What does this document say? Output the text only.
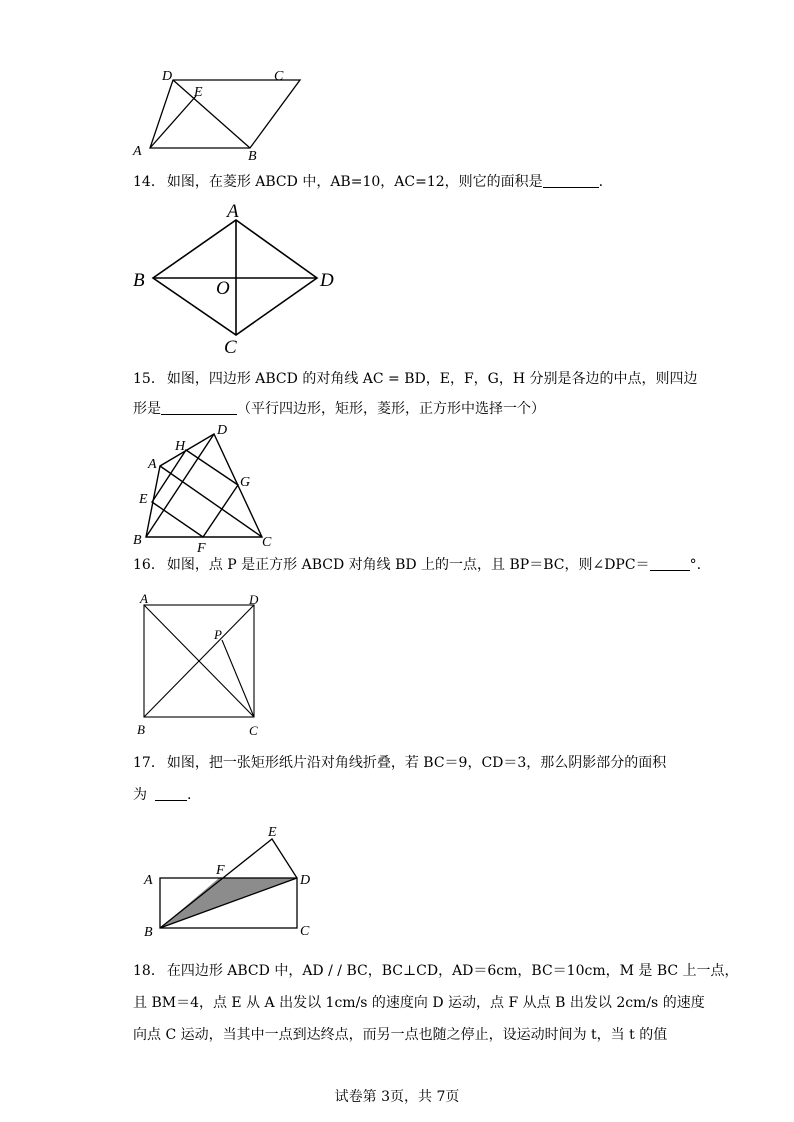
A	B
C
D
E

14． 如图，在菱形 ABCD 中，AB=10，AC=12，则它的面积是	.

A
B
C
D
O

15． 如图，四边形 ABCD 的对角线 AC = BD，E，F，G，H 分别是各边的中点，则四边

形是	（平行四边形，矩形，菱形，正方形中选择一个）

A
B	C
D
E
F
G
H

16． 如图，点 P 是正方形 ABCD 对角线 BD 上的一点，且 BP＝BC，则∠DPC＝	°.

A
B	C
D
P

17． 如图，把一张矩形纸片沿对角线折叠，若 BC＝9，CD＝3，那么阴影部分的面积

为	.

A
B	C
D
E
F

18． 在四边形 ABCD 中，AD / / BC，BC⊥CD，AD＝6cm，BC＝10cm，M 是 BC 上一点，

且 BM＝4，点 E 从 A 出发以 1cm/s 的速度向 D 运动，点 F 从点 B 出发以 2cm/s 的速度

向点 C 运动，当其中一点到达终点，而另一点也随之停止，设运动时间为 t，当 t 的值

试卷第 3页，共 7页
